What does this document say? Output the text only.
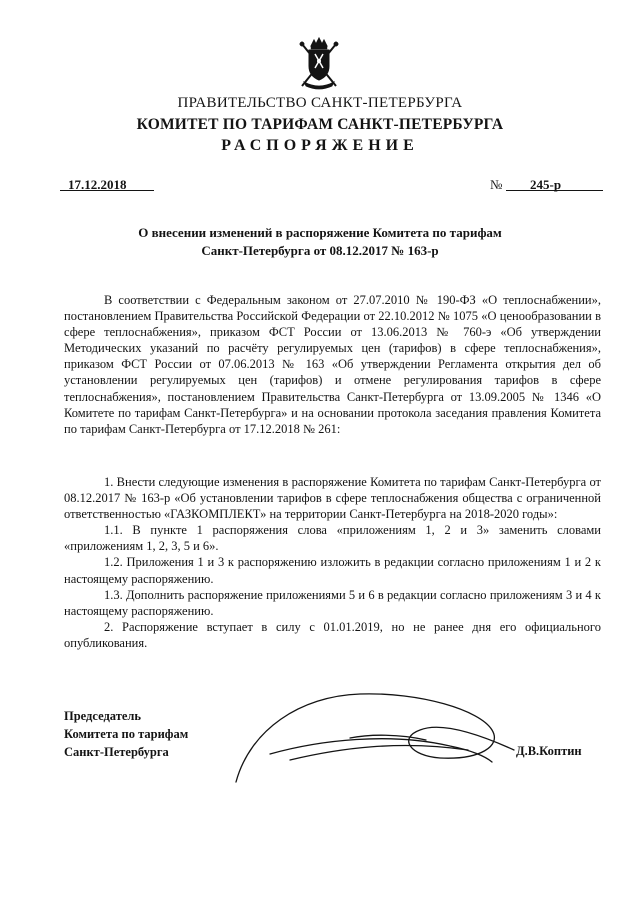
ПРАВИТЕЛЬСТВО САНКТ-ПЕТЕРБУРГА
КОМИТЕТ ПО ТАРИФАМ САНКТ-ПЕТЕРБУРГА
РАСПОРЯЖЕНИЕ
17.12.2018	№ 245-р
О внесении изменений в распоряжение Комитета по тарифам
Санкт-Петербурга от 08.12.2017 № 163-р

В соответствии с Федеральным законом от 27.07.2010 № 190-ФЗ «О теплоснабжении», постановлением Правительства Российской Федерации от 22.10.2012 № 1075 «О ценообразовании в сфере теплоснабжения», приказом ФСТ России от 13.06.2013 № 760-э «Об утверждении Методических указаний по расчёту регулируемых цен (тарифов) в сфере теплоснабжения», приказом ФСТ России от 07.06.2013 № 163 «Об утверждении Регламента открытия дел об установлении регулируемых цен (тарифов) и отмене регулирования тарифов в сфере теплоснабжения», постановлением Правительства Санкт-Петербурга от 13.09.2005 № 1346 «О Комитете по тарифам Санкт-Петербурга» и на основании протокола заседания правления Комитета по тарифам Санкт-Петербурга от 17.12.2018 № 261:

1. Внести следующие изменения в распоряжение Комитета по тарифам Санкт-Петербурга от 08.12.2017 № 163-р «Об установлении тарифов в сфере теплоснабжения общества с ограниченной ответственностью «ГАЗКОМПЛЕКТ» на территории Санкт-Петербурга на 2018-2020 годы»:

1.1. В пункте 1 распоряжения слова «приложениям 1, 2 и 3» заменить словами «приложениям 1, 2, 3, 5 и 6».

1.2. Приложения 1 и 3 к распоряжению изложить в редакции согласно приложениям 1 и 2 к настоящему распоряжению.

1.3. Дополнить распоряжение приложениями 5 и 6 в редакции согласно приложениям 3 и 4 к настоящему распоряжению.

2. Распоряжение вступает в силу с 01.01.2019, но не ранее дня его официального опубликования.

Председатель
Комитета по тарифам
Санкт-Петербурга	Д.В.Коптин
